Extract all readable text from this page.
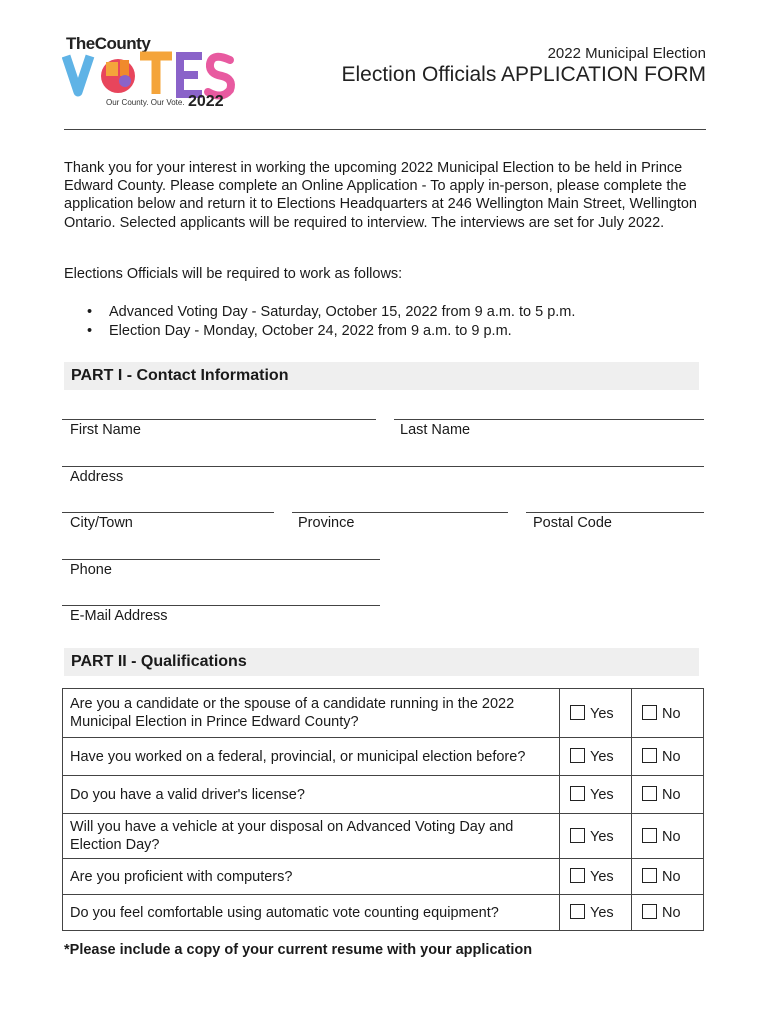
TheCounty
Our County. Our Vote. 2022
2022 Municipal Election
Election Officials APPLICATION FORM
Thank you for your interest in working the upcoming 2022 Municipal Election to be held in Prince Edward County. Please complete an Online Application - To apply in-person, please complete the application below and return it to Elections Headquarters at 246 Wellington Main Street, Wellington Ontario. Selected applicants will be required to interview. The interviews are set for July 2022.
Elections Officials will be required to work as follows:
• Advanced Voting Day - Saturday, October 15, 2022 from 9 a.m. to 5 p.m.
• Election Day - Monday, October 24, 2022 from 9 a.m. to 9 p.m.
PART I - Contact Information
First Name	Last Name
Address
City/Town	Province	Postal Code
Phone
E-Mail Address
PART II - Qualifications
Are you a candidate or the spouse of a candidate running in the 2022 Municipal Election in Prince Edward County?	Yes	No
Have you worked on a federal, provincial, or municipal election before?	Yes	No
Do you have a valid driver's license?	Yes	No
Will you have a vehicle at your disposal on Advanced Voting Day and Election Day?	Yes	No
Are you proficient with computers?	Yes	No
Do you feel comfortable using automatic vote counting equipment?	Yes	No
*Please include a copy of your current resume with your application
